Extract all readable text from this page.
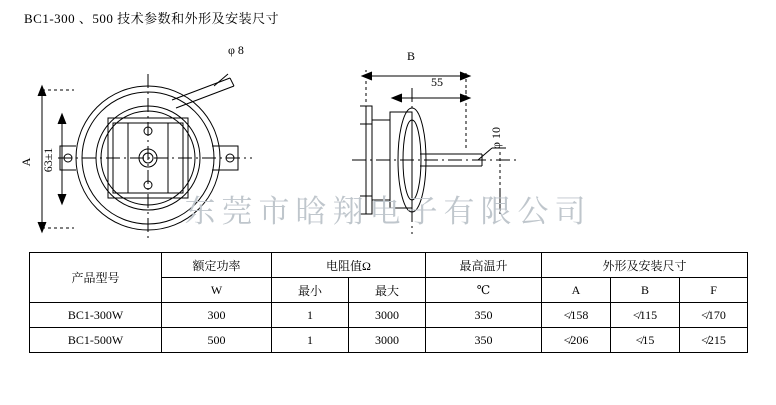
BC1-300 、500 技术参数和外形及安装尺寸
φ 8
A 63±1
B
55
φ 10
东莞市晗翔电子有限公司
产品型号	额定功率	电阻值Ω		最高温升	外形及安装尺寸		
	W	最小	最大	℃	A	B	F
BC1-300W	300	1	3000	350	≮158	≮115	≮170
BC1-500W	500	1	3000	350	≮206	≮15	≮215
